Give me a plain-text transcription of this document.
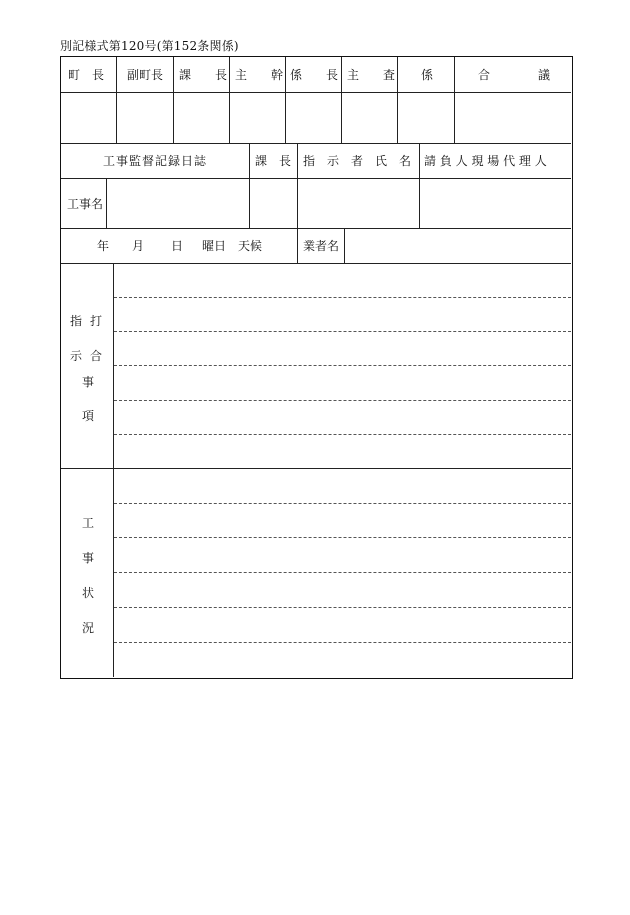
別記様式第120号(第152条関係)
町　長 副町長 課　　長 主　　幹 係　　長 主　　査 係	合　　　　議
工事監督記録日誌	課　長 指　示　者　氏　名 請 負 人 現 場 代 理 人
工事名
年 月 日 曜日 天候	業者名
指 打
示 合
事
項
工
事
状
況
